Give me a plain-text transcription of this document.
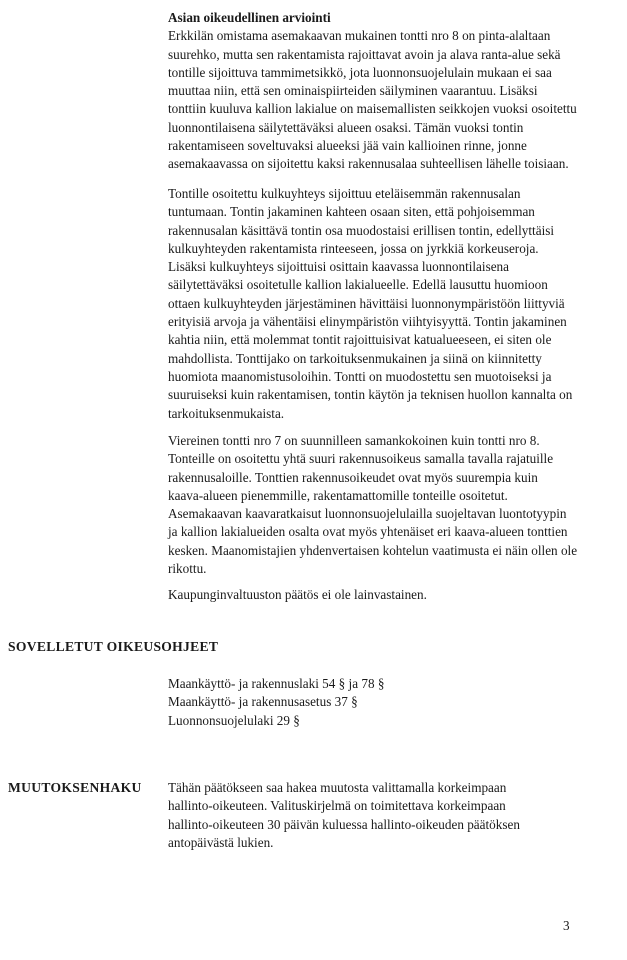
Asian oikeudellinen arviointi
Erkkilän omistama asemakaavan mukainen tontti nro 8 on pinta-alaltaan
suurehko, mutta sen rakentamista rajoittavat avoin ja alava ranta-alue sekä
tontille sijoittuva tammimetsikkö, jota luonnonsuojelulain mukaan ei saa
muuttaa niin, että sen ominaispiirteiden säilyminen vaarantuu. Lisäksi
tonttiin kuuluva kallion lakialue on maisemallisten seikkojen vuoksi osoitettu
luonnontilaisena säilytettäväksi alueen osaksi. Tämän vuoksi tontin
rakentamiseen soveltuvaksi alueeksi jää vain kallioinen rinne, jonne
asemakaavassa on sijoitettu kaksi rakennusalaa suhteellisen lähelle toisiaan.
Tontille osoitettu kulkuyhteys sijoittuu eteläisemmän rakennusalan
tuntumaan. Tontin jakaminen kahteen osaan siten, että pohjoisemman
rakennusalan käsittävä tontin osa muodostaisi erillisen tontin, edellyttäisi
kulkuyhteyden rakentamista rinteeseen, jossa on jyrkkiä korkeuseroja.
Lisäksi kulkuyhteys sijoittuisi osittain kaavassa luonnontilaisena
säilytettäväksi osoitetulle kallion lakialueelle. Edellä lausuttu huomioon
ottaen kulkuyhteyden järjestäminen hävittäisi luonnonympäristöön liittyviä
erityisiä arvoja ja vähentäisi elinympäristön viihtyisyyttä. Tontin jakaminen
kahtia niin, että molemmat tontit rajoittuisivat katualueeseen, ei siten ole
mahdollista. Tonttijako on tarkoituksenmukainen ja siinä on kiinnitetty
huomiota maanomistusoloihin. Tontti on muodostettu sen muotoiseksi ja
suuruiseksi kuin rakentamisen, tontin käytön ja teknisen huollon kannalta on
tarkoituksenmukaista.
Viereinen tontti nro 7 on suunnilleen samankokoinen kuin tontti nro 8.
Tonteille on osoitettu yhtä suuri rakennusoikeus samalla tavalla rajatuille
rakennusaloille. Tonttien rakennusoikeudet ovat myös suurempia kuin
kaava-alueen pienemmille, rakentamattomille tonteille osoitetut.
Asemakaavan kaavaratkaisut luonnonsuojelulailla suojeltavan luontotyypin
ja kallion lakialueiden osalta ovat myös yhtenäiset eri kaava-alueen tonttien
kesken. Maanomistajien yhdenvertaisen kohtelun vaatimusta ei näin ollen ole
rikottu.
Kaupunginvaltuuston päätös ei ole lainvastainen.
SOVELLETUT OIKEUSOHJEET
Maankäyttö- ja rakennuslaki 54 § ja 78 §
Maankäyttö- ja rakennusasetus 37 §
Luonnonsuojelulaki 29 §
MUUTOKSENHAKU Tähän päätökseen saa hakea muutosta valittamalla korkeimpaan
hallinto-oikeuteen. Valituskirjelmä on toimitettava korkeimpaan
hallinto-oikeuteen 30 päivän kuluessa hallinto-oikeuden päätöksen
antopäivästä lukien.
3
